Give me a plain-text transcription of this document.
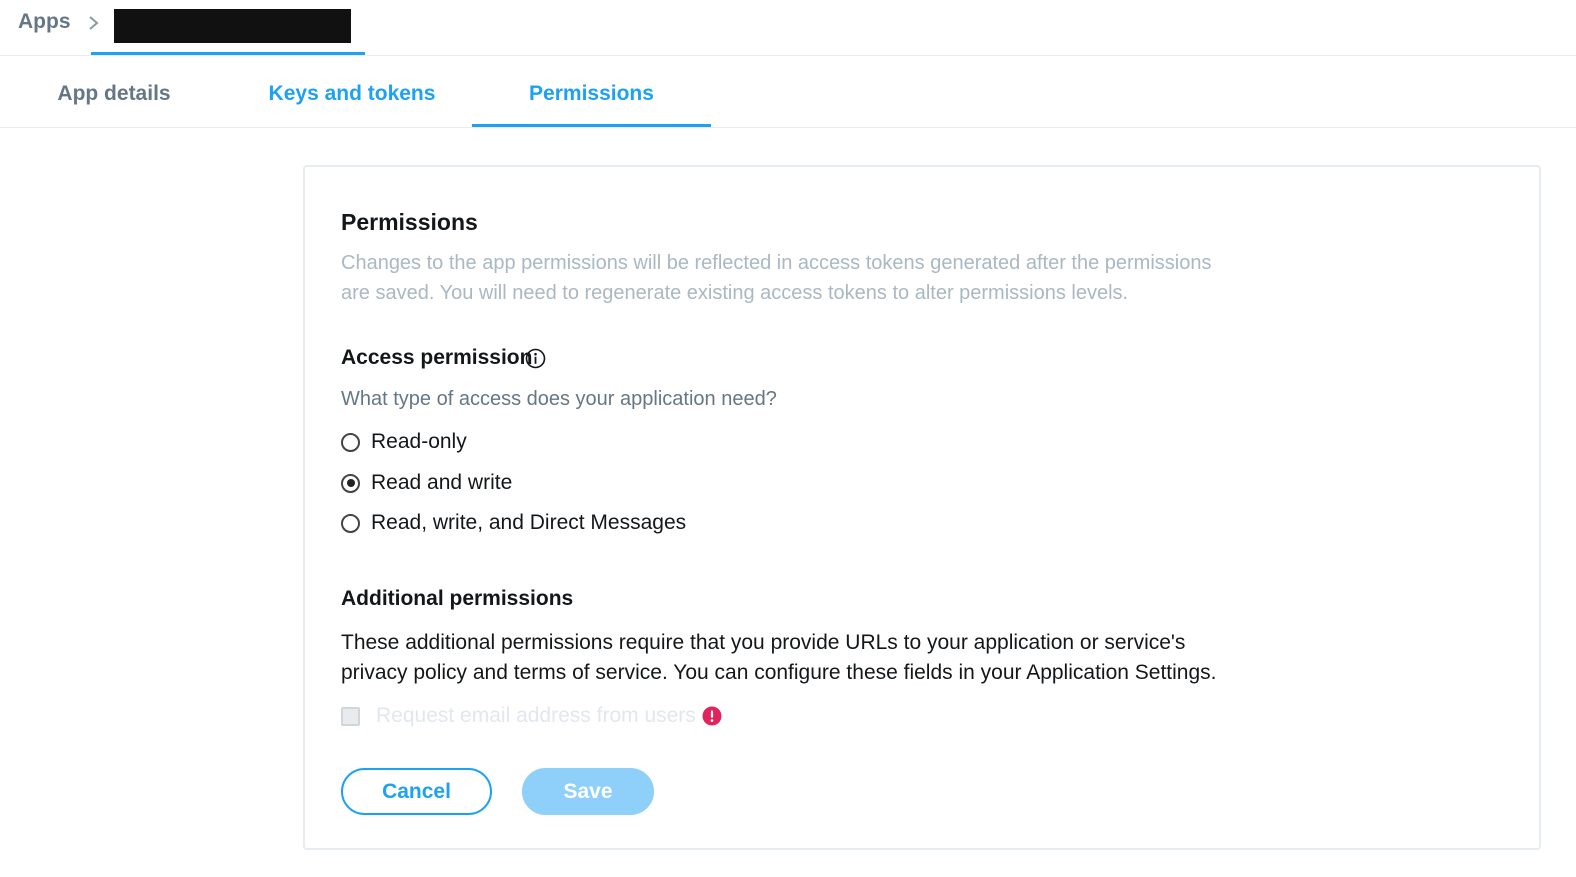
Apps
App details	Keys and tokens	Permissions
Permissions
Changes to the app permissions will be reflected in access tokens generated after the permissions are saved. You will need to regenerate existing access tokens to alter permissions levels.
Access permission
What type of access does your application need?
Read-only
Read and write
Read, write, and Direct Messages
Additional permissions
These additional permissions require that you provide URLs to your application or service's privacy policy and terms of service. You can configure these fields in your Application Settings.
Request email address from users
Cancel	Save
